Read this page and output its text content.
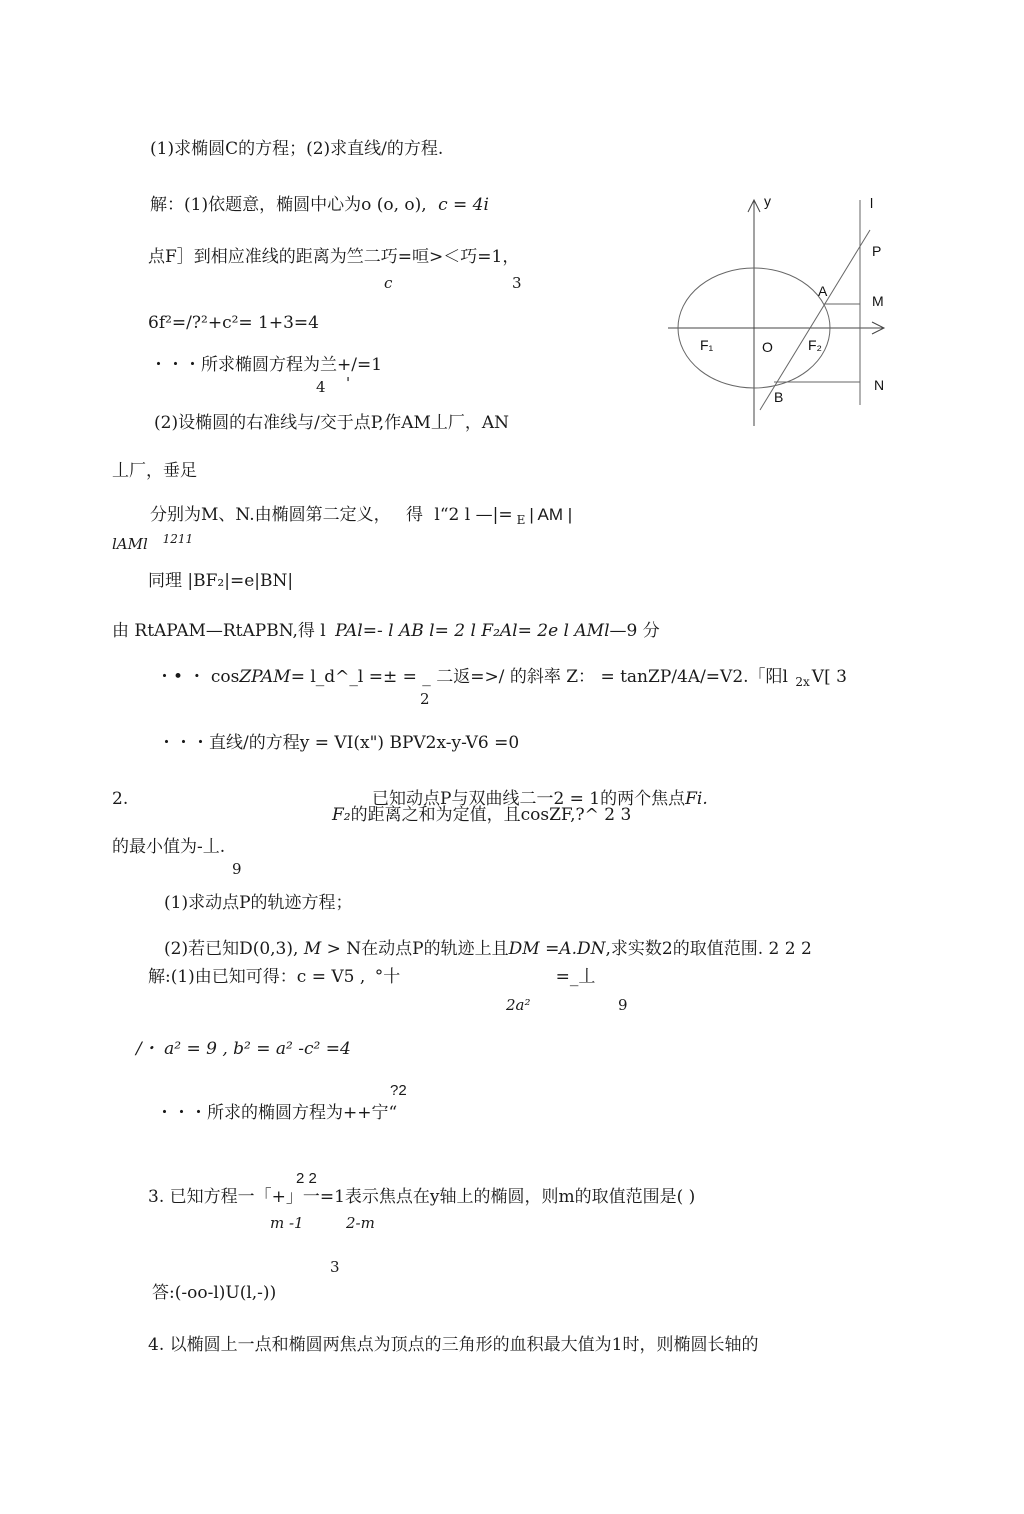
(1)求椭圆C的方程；(2)求直线/的方程.
解：(1)依题意，椭圆中心为o (o, o), c = 4i
点F］到相应准线的距离为竺二巧=咺>＜巧=1，
c	3
6f²=/?²+c²= 1+3=4
・・・所求椭圆方程为兰+/=1
4 '
(2)设椭圆的右准线与/交于点P,作AM丄厂，AN
丄厂，垂足
分别为M、N.由椭圆第二定义， 得 l“2 l —|= $_E$ | AM |
lAMl $^{1211}$
同理 |BF₂|=e|BN|
由 RtAPAM—RtAPBN,得 l PAl=- l AB l= 2 l F₂Al= 2e l AMl—9 分
・• ・ cosZPAM= l_d^_l =± = _ 二返=>/ 的斜率 Z： = tanZP/4A/=V2.「阳l $_{2x}$ V[ 3
2
・・・直线/的方程y = VI(x") BPV2x-y-V6 =0
y	l
P
A
M
F₁	O	F₂
N
B
2.	已知动点P与双曲线二一2 = 1的两个焦点Fi.
F₂的距离之和为定值，且cosZF,?^ 2 3
的最小值为-丄.
9
(1)求动点P的轨迹方程；
(2)若已知D(0,3), M > N在动点P的轨迹上且DM =A.DN,求实数2的取值范围. 2 2 2
解:(1)由已知可得：c = V5 , °十	=_丄
2a²	9
/・ a² = 9 , b² = a² -c² =4
?2
・・・所求的椭圆方程为++宁“
2 2
3. 已知方程一「+」一=1表示焦点在y轴上的椭圆，则m的取值范围是( )
m -1	2-m
3
答:(-oo-l)U(l,-))
4. 以椭圆上一点和椭圆两焦点为顶点的三角形的血积最大值为1时，则椭圆长轴的
